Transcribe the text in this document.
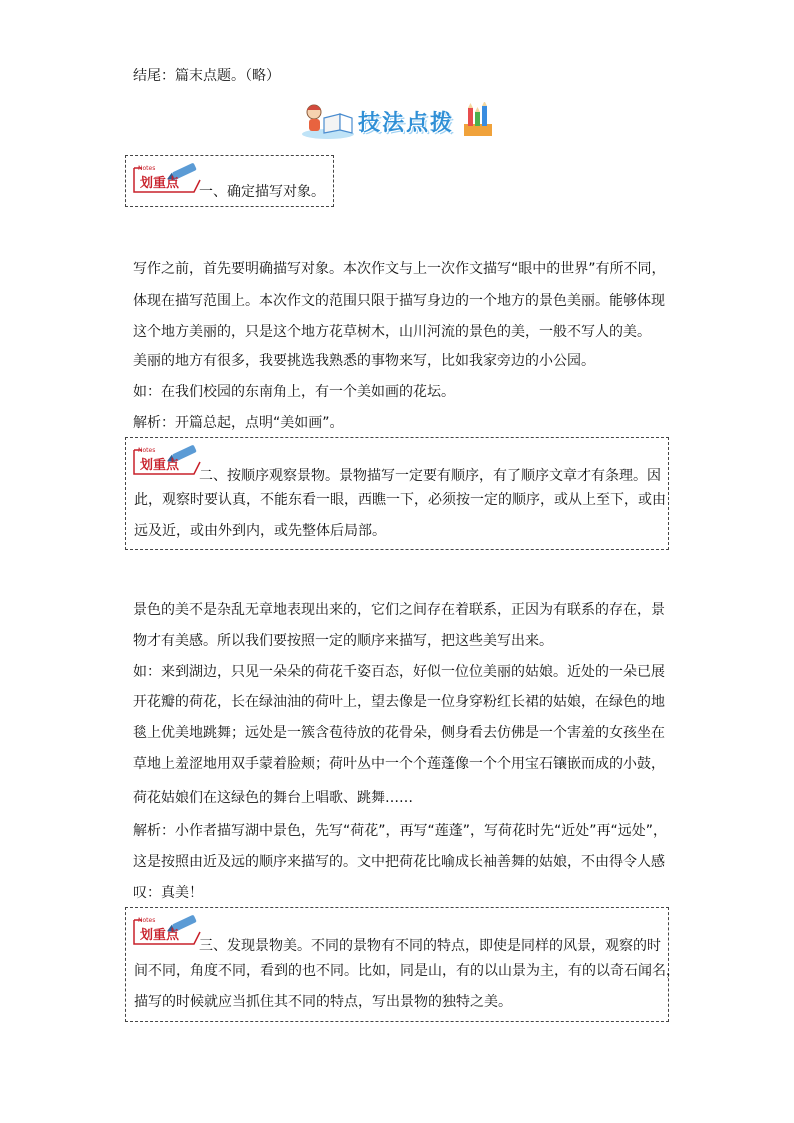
结尾：篇末点题。（略）
技法点拨
Notes
划重点
一、确定描写对象。
写作之前，首先要明确描写对象。本次作文与上一次作文描写“眼中的世界”有所不同，
体现在描写范围上。本次作文的范围只限于描写身边的一个地方的景色美丽。能够体现
这个地方美丽的，只是这个地方花草树木，山川河流的景色的美，一般不写人的美。
美丽的地方有很多，我要挑选我熟悉的事物来写，比如我家旁边的小公园。
如：在我们校园的东南角上，有一个美如画的花坛。
解析：开篇总起，点明“美如画”。
Notes
划重点
二、按顺序观察景物。景物描写一定要有顺序，有了顺序文章才有条理。因
此，观察时要认真，不能东看一眼，西瞧一下，必须按一定的顺序，或从上至下，或由
远及近，或由外到内，或先整体后局部。
景色的美不是杂乱无章地表现出来的，它们之间存在着联系，正因为有联系的存在，景
物才有美感。所以我们要按照一定的顺序来描写，把这些美写出来。
如：来到湖边，只见一朵朵的荷花千姿百态，好似一位位美丽的姑娘。近处的一朵已展
开花瓣的荷花，长在绿油油的荷叶上，望去像是一位身穿粉红长裙的姑娘，在绿色的地
毯上优美地跳舞；远处是一簇含苞待放的花骨朵，侧身看去仿佛是一个害羞的女孩坐在
草地上羞涩地用双手蒙着脸颊；荷叶丛中一个个莲蓬像一个个用宝石镶嵌而成的小鼓，
荷花姑娘们在这绿色的舞台上唱歌、跳舞……
解析：小作者描写湖中景色，先写“荷花”，再写“莲蓬”，写荷花时先“近处”再“远处”，
这是按照由近及远的顺序来描写的。文中把荷花比喻成长袖善舞的姑娘，不由得令人感
叹：真美！
Notes
划重点
三、发现景物美。不同的景物有不同的特点，即使是同样的风景，观察的时
间不同，角度不同，看到的也不同。比如，同是山，有的以山景为主，有的以奇石闻名，
描写的时候就应当抓住其不同的特点，写出景物的独特之美。
